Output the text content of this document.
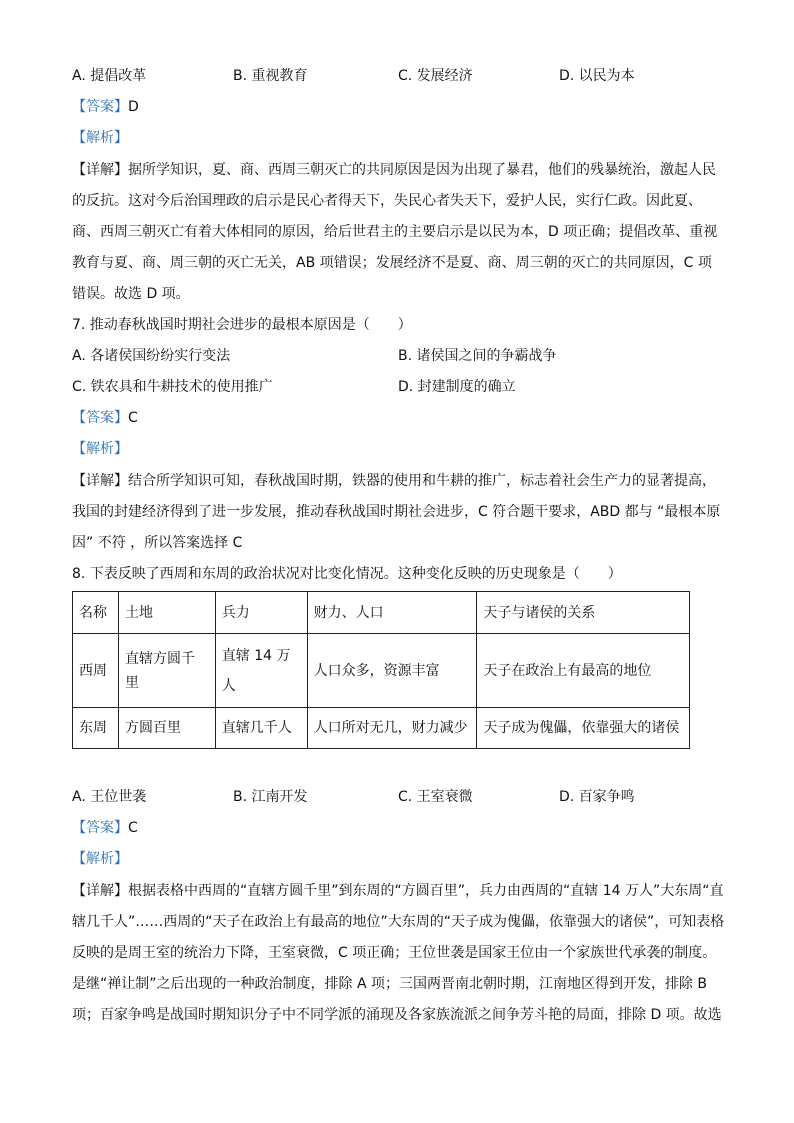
A. 提倡改革	B. 重视教育	C. 发展经济	D. 以民为本
【答案】D
【解析】
【详解】据所学知识，夏、商、西周三朝灭亡的共同原因是因为出现了暴君，他们的残暴统治，激起人民
的反抗。这对今后治国理政的启示是民心者得天下，失民心者失天下，爱护人民，实行仁政。因此夏、
商、西周三朝灭亡有着大体相同的原因，给后世君主的主要启示是以民为本，D 项正确；提倡改革、重视
教育与夏、商、周三朝的灭亡无关，AB 项错误；发展经济不是夏、商、周三朝的灭亡的共同原因，C 项
错误。故选 D 项。
7. 推动春秋战国时期社会进步的最根本原因是（　　）
A. 各诸侯国纷纷实行变法	B. 诸侯国之间的争霸战争
C. 铁农具和牛耕技术的使用推广	D. 封建制度的确立
【答案】C
【解析】
【详解】结合所学知识可知，春秋战国时期，铁器的使用和牛耕的推广，标志着社会生产力的显著提高，
我国的封建经济得到了进一步发展，推动春秋战国时期社会进步，C 符合题干要求，ABD 都与 “最根本原
因” 不符 ，所以答案选择 C
8. 下表反映了西周和东周的政治状况对比变化情况。这种变化反映的历史现象是（　　）
名称	土地	兵力	财力、人口	天子与诸侯的关系
西周	直辖方圆千里	直辖 14 万人	人口众多，资源丰富	天子在政治上有最高的地位
东周	方圆百里	直辖几千人	人口所对无几，财力减少	天子成为傀儡，依靠强大的诸侯
A. 王位世袭	B. 江南开发	C. 王室衰微	D. 百家争鸣
【答案】C
【解析】
【详解】根据表格中西周的“直辖方圆千里”到东周的“方圆百里”，兵力由西周的“直辖 14 万人”大东周“直
辖几千人”……西周的“天子在政治上有最高的地位”大东周的“天子成为傀儡，依靠强大的诸侯”，可知表格
反映的是周王室的统治力下降，王室衰微，C 项正确；王位世袭是国家王位由一个家族世代承袭的制度。
是继“禅让制”之后出现的一种政治制度，排除 A 项；三国两晋南北朝时期，江南地区得到开发，排除 B
项；百家争鸣是战国时期知识分子中不同学派的涌现及各家族流派之间争芳斗艳的局面，排除 D 项。故选
